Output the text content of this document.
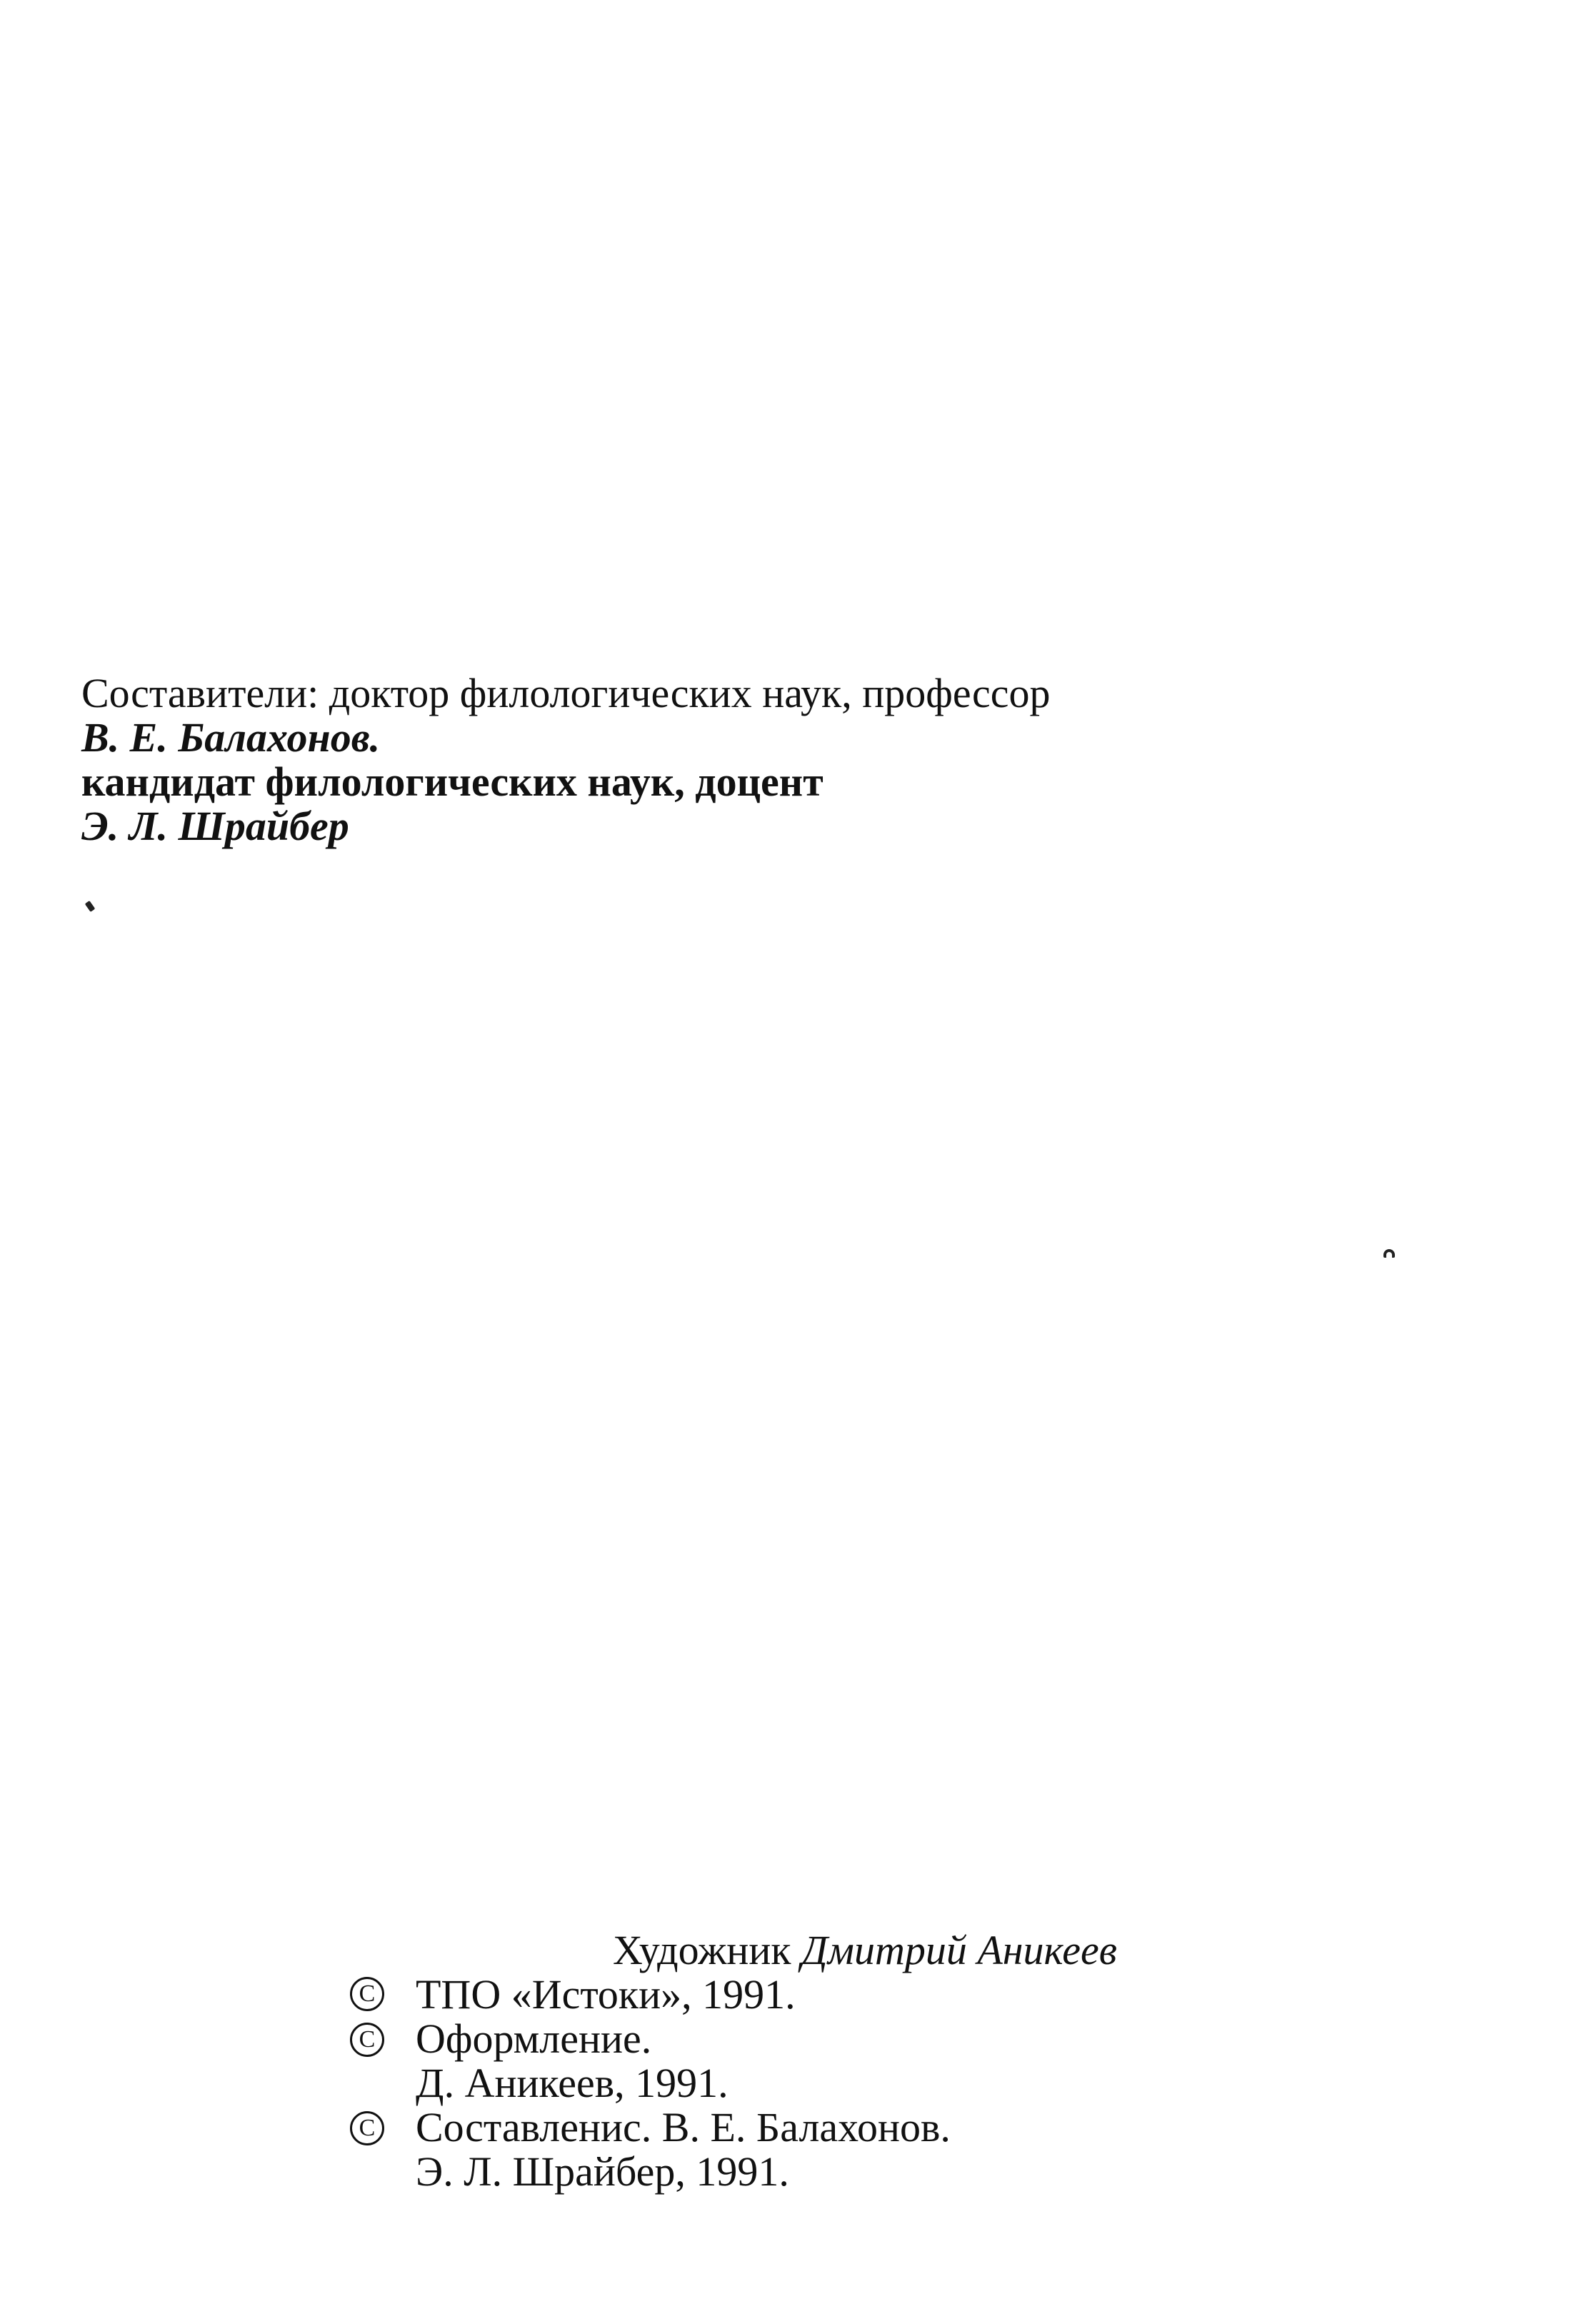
Составители: доктор филологических наук, профессор
В. Е. Балахонов.
кандидат филологических наук, доцент
Э. Л. Шрайбер
Художник Дмитрий Аникеев
C ТПО «Истоки», 1991.
C Оформление.
Д. Аникеев, 1991.
C Составленис. В. Е. Балахонов.
Э. Л. Шрайбер, 1991.
